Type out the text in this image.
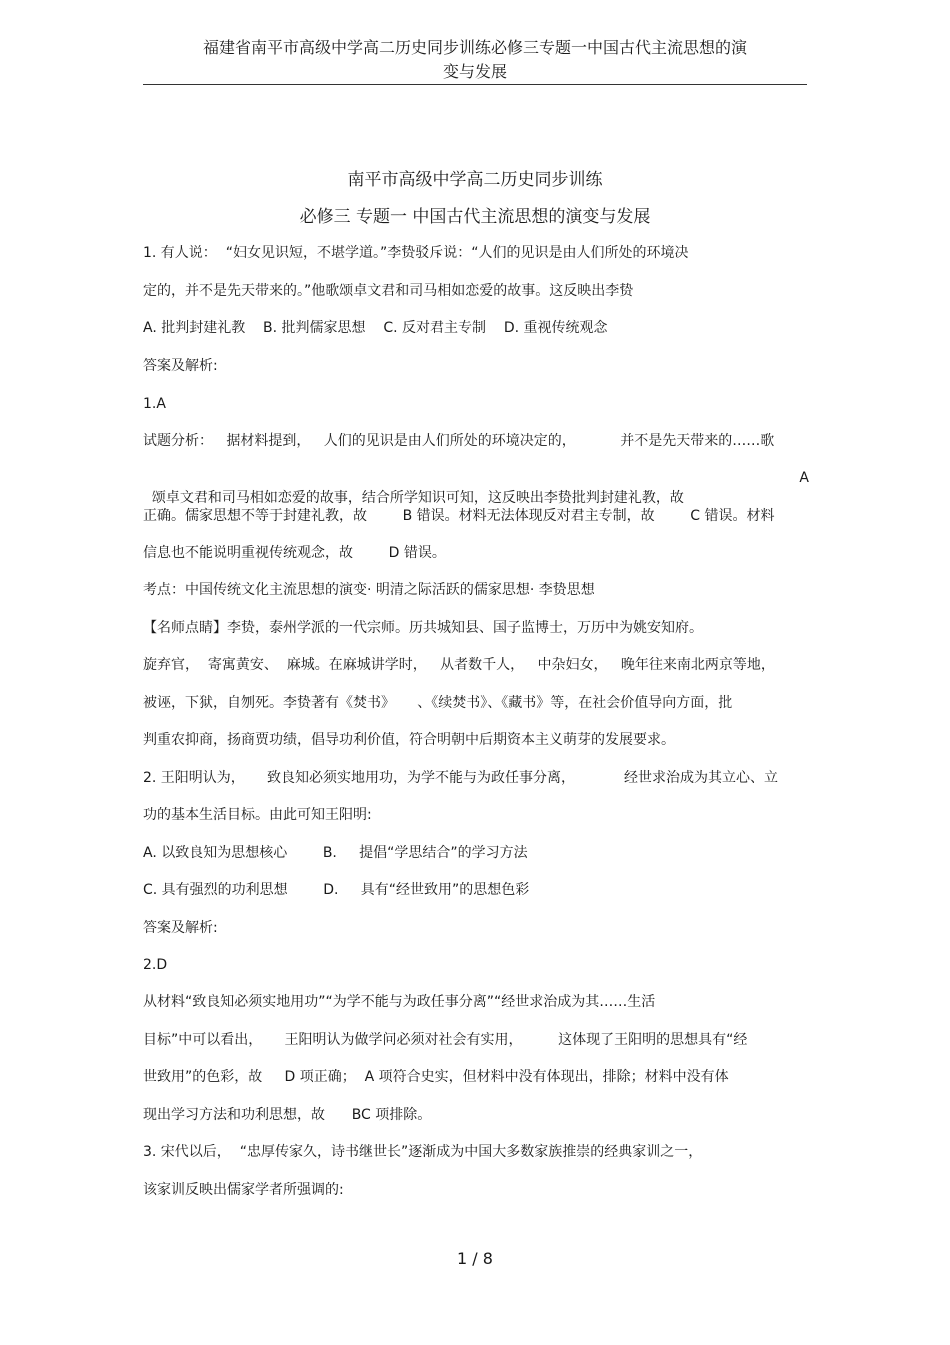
福建省南平市高级中学高二历史同步训练必修三专题一中国古代主流思想的演
变与发展
南平市高级中学高二历史同步训练
必修三 专题一 中国古代主流思想的演变与发展
1. 有人说：  “妇女见识短，不堪学道。”李贽驳斥说：“人们的见识是由人们所处的环境决
定的，并不是先天带来的。”他歌颂卓文君和司马相如恋爱的故事。这反映出李贽
A. 批判封建礼教    B. 批判儒家思想    C. 反对君主专制    D. 重视传统观念
答案及解析:
1.A
试题分析：   据材料提到，   人们的见识是由人们所处的环境决定的，          并不是先天带来的……歌

颂卓文君和司马相如恋爱的故事，结合所学知识可知，这反映出李贽批判封建礼教，故

A

正确。儒家思想不等于封建礼教，故        B 错误。材料无法体现反对君主专制，故        C 错误。材料
信息也不能说明重视传统观念，故        D 错误。
考点：中国传统文化主流思想的演变· 明清之际活跃的儒家思想· 李贽思想
【名师点睛】李贽，泰州学派的一代宗师。历共城知县、国子监博士，万历中为姚安知府。
旋弃官，  寄寓黄安、  麻城。在麻城讲学时，   从者数千人，   中杂妇女，   晚年往来南北两京等地，
被诬，下狱，自刎死。李贽著有《焚书》     、《续焚书》、《藏书》等，在社会价值导向方面，批
判重农抑商，扬商贾功绩，倡导功利价值，符合明朝中后期资本主义萌芽的发展要求。
2. 王阳明认为，     致良知必须实地用功，为学不能与为政任事分离，           经世求治成为其立心、立
功的基本生活目标。由此可知王阳明:
A. 以致良知为思想核心        B.     提倡“学思结合”的学习方法
C. 具有强烈的功利思想        D.     具有“经世致用”的思想色彩
答案及解析:
2.D
从材料“致良知必须实地用功”“为学不能与为政任事分离”“经世求治成为其……生活
目标”中可以看出，     王阳明认为做学问必须对社会有实用，        这体现了王阳明的思想具有“经
世致用”的色彩，故     D 项正确；  A 项符合史实，但材料中没有体现出，排除；材料中没有体
现出学习方法和功利思想，故      BC 项排除。
3. 宋代以后，  “忠厚传家久，诗书继世长”逐渐成为中国大多数家族推崇的经典家训之一，
该家训反映出儒家学者所强调的:
1 / 8
